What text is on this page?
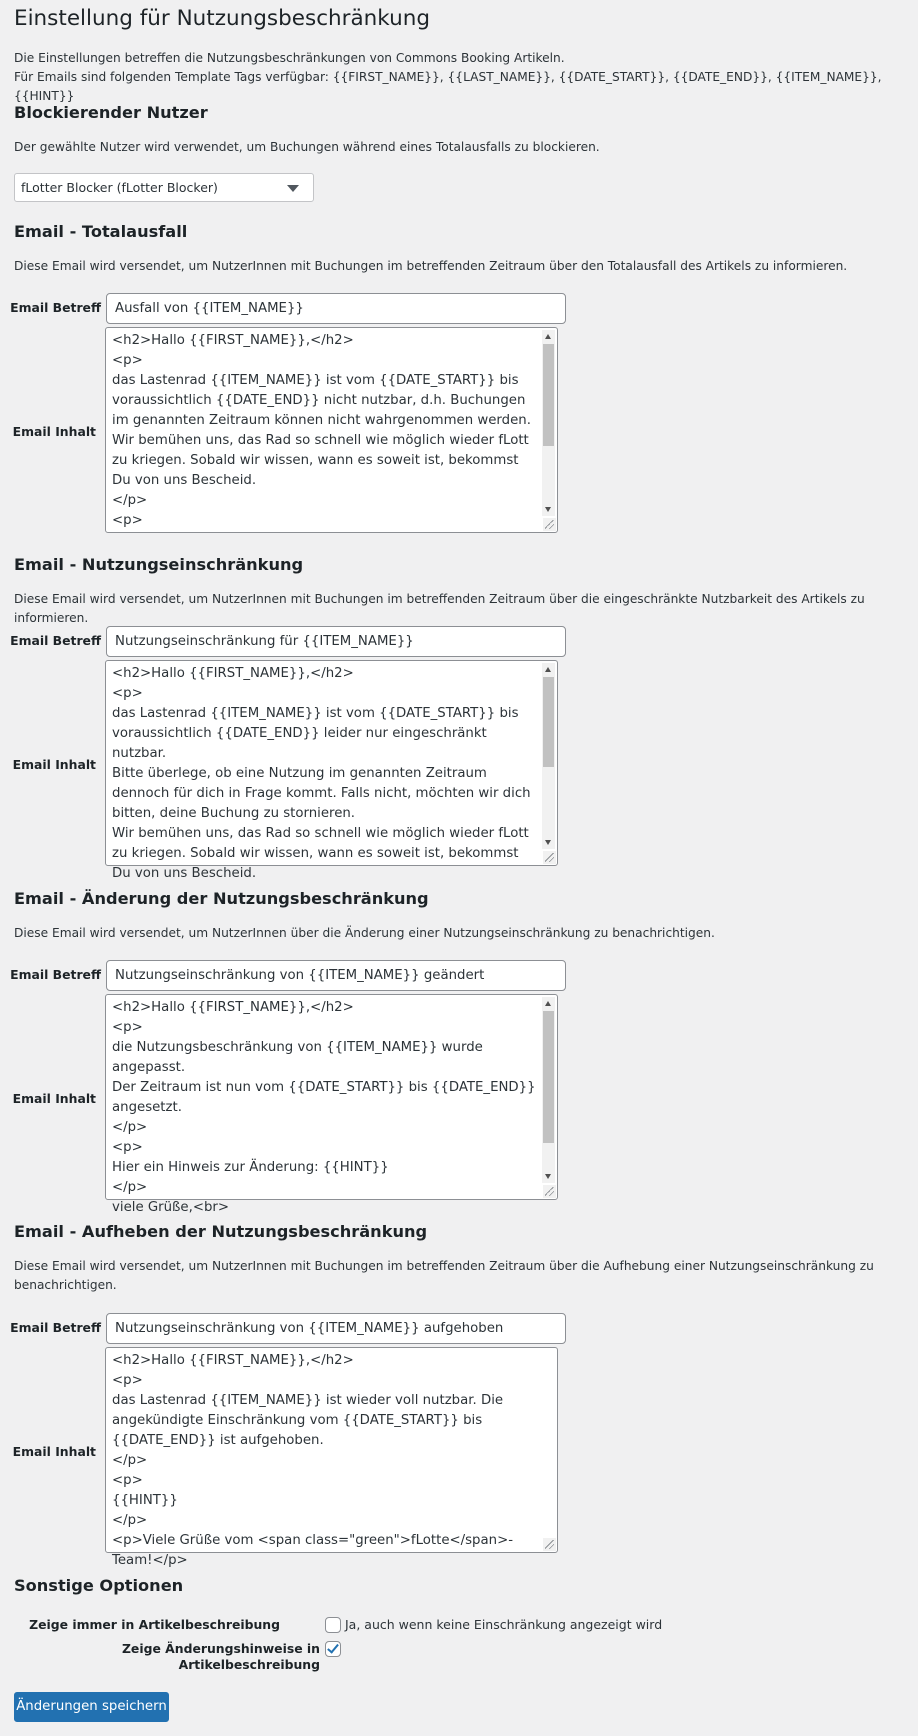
Einstellung für Nutzungsbeschränkung
Die Einstellungen betreffen die Nutzungsbeschränkungen von Commons Booking Artikeln.
Für Emails sind folgenden Template Tags verfügbar: {{FIRST_NAME}}, {{LAST_NAME}}, {{DATE_START}}, {{DATE_END}}, {{ITEM_NAME}}, {{HINT}}
Blockierender Nutzer
Der gewählte Nutzer wird verwendet, um Buchungen während eines Totalausfalls zu blockieren.
fLotter Blocker (fLotter Blocker)
Email - Totalausfall
Diese Email wird versendet, um NutzerInnen mit Buchungen im betreffenden Zeitraum über den Totalausfall des Artikels zu informieren.
Email Betreff	Ausfall von {{ITEM_NAME}}
Email Inhalt
<h2>Hallo {{FIRST_NAME}},</h2>
<p>
das Lastenrad {{ITEM_NAME}} ist vom {{DATE_START}} bis voraussichtlich {{DATE_END}} nicht nutzbar, d.h. Buchungen im genannten Zeitraum können nicht wahrgenommen werden.
Wir bemühen uns, das Rad so schnell wie möglich wieder fLott zu kriegen. Sobald wir wissen, wann es soweit ist, bekommst Du von uns Bescheid.
</p>
<p>
Email - Nutzungseinschränkung
Diese Email wird versendet, um NutzerInnen mit Buchungen im betreffenden Zeitraum über die eingeschränkte Nutzbarkeit des Artikels zu informieren.
Email Betreff	Nutzungseinschränkung für {{ITEM_NAME}}
Email Inhalt
<h2>Hallo {{FIRST_NAME}},</h2>
<p>
das Lastenrad {{ITEM_NAME}} ist vom {{DATE_START}} bis voraussichtlich {{DATE_END}} leider nur eingeschränkt nutzbar.
Bitte überlege, ob eine Nutzung im genannten Zeitraum dennoch für dich in Frage kommt. Falls nicht, möchten wir dich bitten, deine Buchung zu stornieren.
Wir bemühen uns, das Rad so schnell wie möglich wieder fLott zu kriegen. Sobald wir wissen, wann es soweit ist, bekommst Du von uns Bescheid.
Email - Änderung der Nutzungsbeschränkung
Diese Email wird versendet, um NutzerInnen über die Änderung einer Nutzungseinschränkung zu benachrichtigen.
Email Betreff	Nutzungseinschränkung von {{ITEM_NAME}} geändert
Email Inhalt
<h2>Hallo {{FIRST_NAME}},</h2>
<p>
die Nutzungsbeschränkung von {{ITEM_NAME}} wurde angepasst.
Der Zeitraum ist nun vom {{DATE_START}} bis {{DATE_END}} angesetzt.
</p>
<p>
Hier ein Hinweis zur Änderung: {{HINT}}
</p>
viele Grüße,<br>
Email - Aufheben der Nutzungsbeschränkung
Diese Email wird versendet, um NutzerInnen mit Buchungen im betreffenden Zeitraum über die Aufhebung einer Nutzungseinschränkung zu benachrichtigen.
Email Betreff	Nutzungseinschränkung von {{ITEM_NAME}} aufgehoben
Email Inhalt
<h2>Hallo {{FIRST_NAME}},</h2>
<p>
das Lastenrad {{ITEM_NAME}} ist wieder voll nutzbar. Die angekündigte Einschränkung vom {{DATE_START}} bis {{DATE_END}} ist aufgehoben.
</p>
<p>
{{HINT}}
</p>
<p>Viele Grüße vom <span class="green">fLotte</span>-Team!</p>
Sonstige Optionen
Zeige immer in Artikelbeschreibung	Ja, auch wenn keine Einschränkung angezeigt wird
Zeige Änderungshinweise in Artikelbeschreibung
Änderungen speichern
